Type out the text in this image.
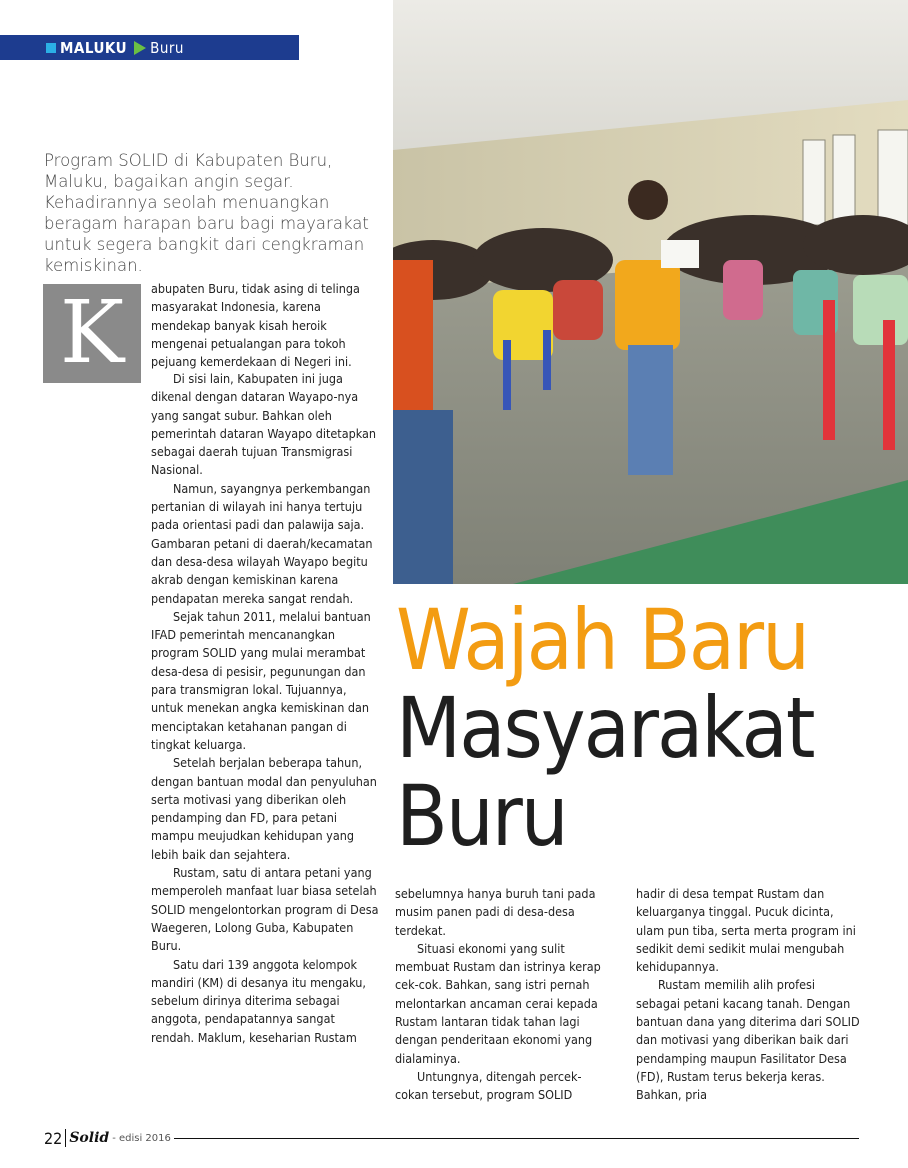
MALUKU Buru
Program SOLID di Kabupaten Buru, Maluku, bagaikan angin segar. Kehadirannya seolah menuangkan beragam harapan baru bagi mayarakat untuk segera bangkit dari cengkraman kemiskinan.
K	abupaten Buru, tidak asing di telinga masyarakat Indonesia, karena mendekap banyak kisah heroik mengenai petualangan para tokoh pejuang kemerdekaan di Negeri ini.

Di sisi lain, Kabupaten ini juga dikenal dengan dataran Wayapo-nya yang sangat subur. Bahkan oleh pemerintah dataran Wayapo ditetapkan sebagai daerah tujuan Transmigrasi Nasional.

Namun, sayangnya perkembangan pertanian di wilayah ini hanya tertuju pada orientasi padi dan palawija saja. Gambaran petani di daerah/kecamatan dan desa-desa wilayah Wayapo begitu akrab dengan kemiskinan karena pendapatan mereka sangat rendah.

Sejak tahun 2011, melalui bantuan IFAD pemerintah mencanangkan program SOLID yang mulai merambat desa-desa di pesisir, pegunungan dan para transmigran lokal. Tujuannya, untuk menekan angka kemiskinan dan menciptakan ketahanan pangan di tingkat keluarga.

Setelah berjalan beberapa tahun, dengan bantuan modal dan penyuluhan serta motivasi yang diberikan oleh pendamping dan FD, para petani mampu meujudkan kehidupan yang lebih baik dan sejahtera.

Rustam, satu di antara petani yang memperoleh manfaat luar biasa setelah SOLID mengelontorkan program di Desa Waegeren, Lolong Guba, Kabupaten Buru.

Satu dari 139 anggota kelompok mandiri (KM) di desanya itu mengaku, sebelum dirinya diterima sebagai anggota, pendapatannya sangat rendah. Maklum, keseharian Rustam

Wajah Baru
Masyarakat
Buru

sebelumnya hanya buruh tani pada musim panen padi di desa-desa terdekat.

Situasi ekonomi yang sulit membuat Rustam dan istrinya kerap cek-cok. Bahkan, sang istri pernah melontarkan ancaman cerai kepada Rustam lantaran tidak tahan lagi dengan penderitaan ekonomi yang dialaminya.

Untungnya, ditengah percek-cokan tersebut, program SOLID

hadir di desa tempat Rustam dan keluarganya tinggal. Pucuk dicinta, ulam pun tiba, serta merta program ini sedikit demi sedikit mulai mengubah kehidupannya.

Rustam memilih alih profesi sebagai petani kacang tanah. Dengan bantuan dana yang diterima dari SOLID dan motivasi yang diberikan baik dari pendamping maupun Fasilitator Desa (FD), Rustam terus bekerja keras. Bahkan, pria

22 Solid - edisi 2016
